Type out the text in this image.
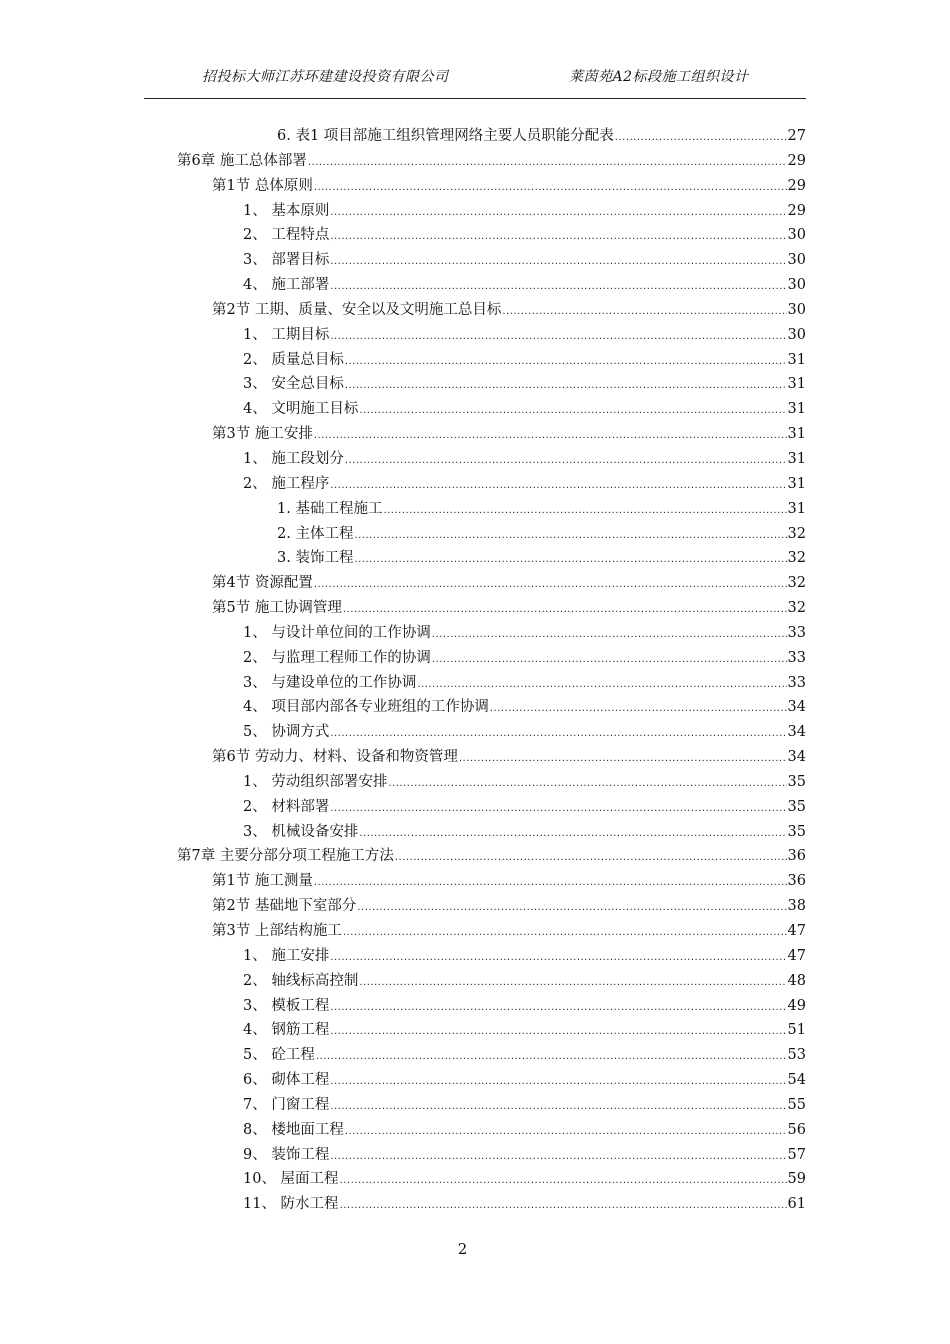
招投标大师江苏环建建设投资有限公司	莱茵苑A2标段施工组织设计
6. 表1 项目部施工组织管理网络主要人员职能分配表 .....	27
第6章 施工总体部署 .....	29
第1节 总体原则 .....	29
1、 基本原则 .....	29
2、 工程特点 .....	30
3、 部署目标 .....	30
4、 施工部署 .....	30
第2节 工期、质量、安全以及文明施工总目标 .....	30
1、 工期目标 .....	30
2、 质量总目标 .....	31
3、 安全总目标 .....	31
4、 文明施工目标 .....	31
第3节 施工安排 .....	31
1、 施工段划分 .....	31
2、 施工程序 .....	31
1. 基础工程施工 .....	31
2. 主体工程 .....	32
3. 装饰工程 .....	32
第4节 资源配置 .....	32
第5节 施工协调管理 .....	32
1、 与设计单位间的工作协调 .....	33
2、 与监理工程师工作的协调 .....	33
3、 与建设单位的工作协调 .....	33
4、 项目部内部各专业班组的工作协调 .....	34
5、 协调方式 .....	34
第6节 劳动力、材料、设备和物资管理 .....	34
1、 劳动组织部署安排 .....	35
2、 材料部署 .....	35
3、 机械设备安排 .....	35
第7章 主要分部分项工程施工方法 .....	36
第1节 施工测量 .....	36
第2节 基础地下室部分 .....	38
第3节 上部结构施工 .....	47
1、 施工安排 .....	47
2、 轴线标高控制 .....	48
3、 模板工程 .....	49
4、 钢筋工程 .....	51
5、 砼工程 .....	53
6、 砌体工程 .....	54
7、 门窗工程 .....	55
8、 楼地面工程 .....	56
9、 装饰工程 .....	57
10、 屋面工程 .....	59
11、 防水工程 .....	61
2
